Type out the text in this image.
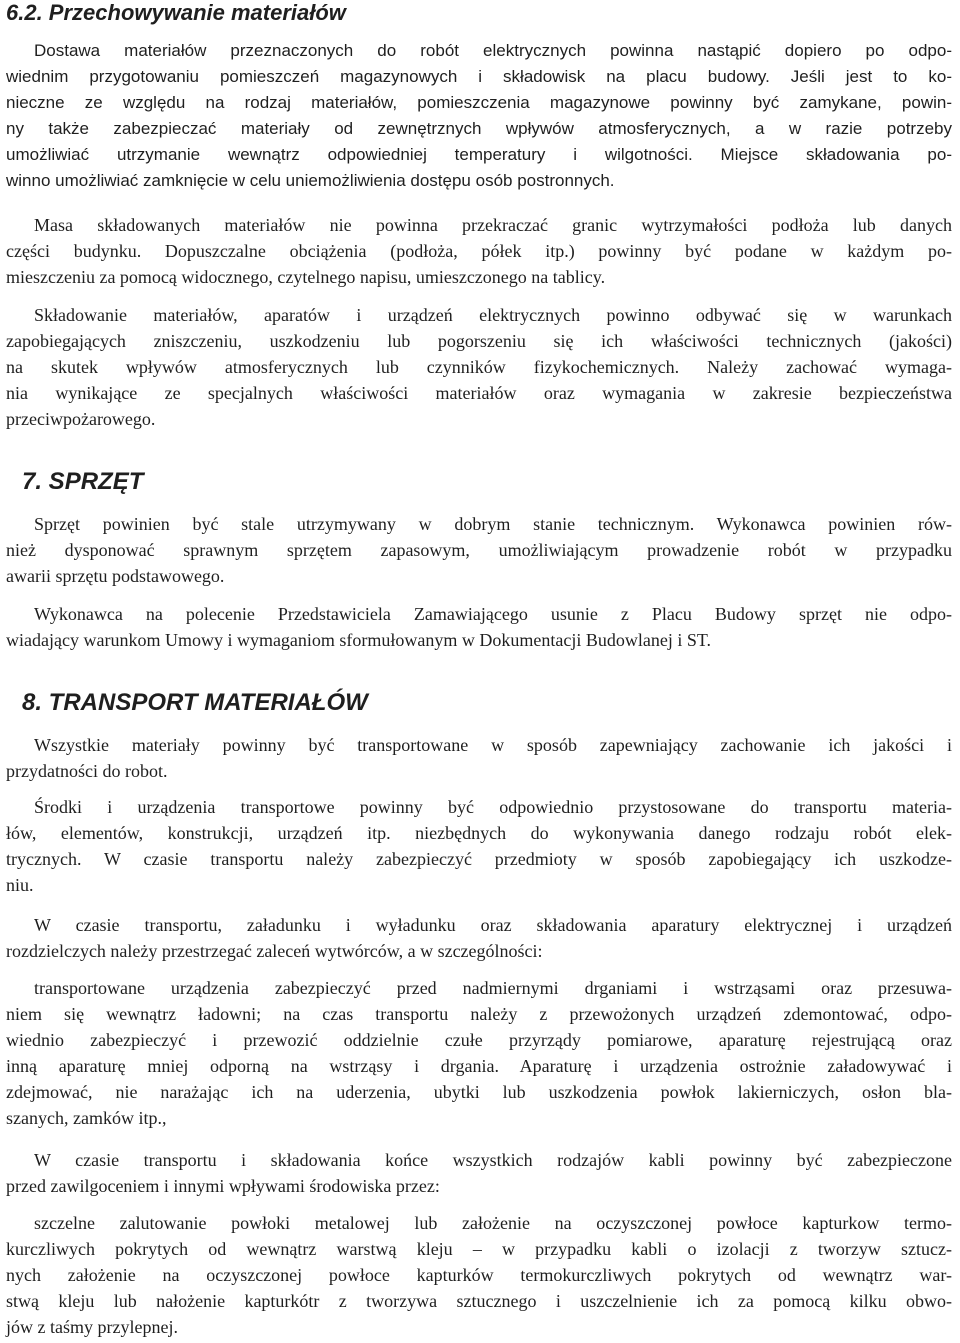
6.2. Przechowywanie materiałów
Dostawa materiałów przeznaczonych do robót elektrycznych powinna nastąpić dopiero po odpo-
wiednim przygotowaniu pomieszczeń magazynowych i składowisk na placu budowy. Jeśli jest to ko-
nieczne ze względu na rodzaj materiałów, pomieszczenia magazynowe powinny być zamykane, powin-
ny także zabezpieczać materiały od zewnętrznych wpływów atmosferycznych, a w razie potrzeby
umożliwiać utrzymanie wewnątrz odpowiedniej temperatury i wilgotności. Miejsce składowania po-
winno umożliwiać zamknięcie w celu uniemożliwienia dostępu osób postronnych.
Masa składowanych materiałów nie powinna przekraczać granic wytrzymałości podłoża lub danych
części budynku. Dopuszczalne obciążenia (podłoża, półek itp.) powinny być podane w każdym po-
mieszczeniu za pomocą widocznego, czytelnego napisu, umieszczonego na tablicy.
Składowanie materiałów, aparatów i urządzeń elektrycznych powinno odbywać się w warunkach
zapobiegających zniszczeniu, uszkodzeniu lub pogorszeniu się ich właściwości technicznych (jakości)
na skutek wpływów atmosferycznych lub czynników fizykochemicznych. Należy zachować wymaga-
nia wynikające ze specjalnych właściwości materiałów oraz wymagania w zakresie bezpieczeństwa
przeciwpożarowego.
7. SPRZĘT
Sprzęt powinien być stale utrzymywany w dobrym stanie technicznym. Wykonawca powinien rów-
nież dysponować sprawnym sprzętem zapasowym, umożliwiającym prowadzenie robót w przypadku
awarii sprzętu podstawowego.
Wykonawca na polecenie Przedstawiciela Zamawiającego usunie z Placu Budowy sprzęt nie odpo-
wiadający warunkom Umowy i wymaganiom sformułowanym w Dokumentacji Budowlanej i ST.
8. TRANSPORT MATERIAŁÓW
Wszystkie materiały powinny być transportowane w sposób zapewniający zachowanie ich jakości i
przydatności do robot.
Środki i urządzenia transportowe powinny być odpowiednio przystosowane do transportu materia-
łów, elementów, konstrukcji, urządzeń itp. niezbędnych do wykonywania danego rodzaju robót elek-
trycznych. W czasie transportu należy zabezpieczyć przedmioty w sposób zapobiegający ich uszkodze-
niu.
W czasie transportu, załadunku i wyładunku oraz składowania aparatury elektrycznej i urządzeń
rozdzielczych należy przestrzegać zaleceń wytwórców, a w szczególności:
transportowane urządzenia zabezpieczyć przed nadmiernymi drganiami i wstrząsami oraz przesuwa-
niem się wewnątrz ładowni; na czas transportu należy z przewożonych urządzeń zdemontować, odpo-
wiednio zabezpieczyć i przewozić oddzielnie czułe przyrządy pomiarowe, aparaturę rejestrującą oraz
inną aparaturę mniej odporną na wstrząsy i drgania. Aparaturę i urządzenia ostrożnie załadowywać i
zdejmować, nie narażając ich na uderzenia, ubytki lub uszkodzenia powłok lakierniczych, osłon bla-
szanych, zamków itp.,
W czasie transportu i składowania końce wszystkich rodzajów kabli powinny być zabezpieczone
przed zawilgoceniem i innymi wpływami środowiska przez:
szczelne zalutowanie powłoki metalowej lub założenie na oczyszczonej powłoce kapturkow termo-
kurczliwych pokrytych od wewnątrz warstwą kleju – w przypadku kabli o izolacji z tworzyw sztucz-
nych założenie na oczyszczonej powłoce kapturków termokurczliwych pokrytych od wewnątrz war-
stwą kleju lub nałożenie kapturkótr z tworzywa sztucznego i uszczelnienie ich za pomocą kilku obwo-
jów z taśmy przylepnej.
